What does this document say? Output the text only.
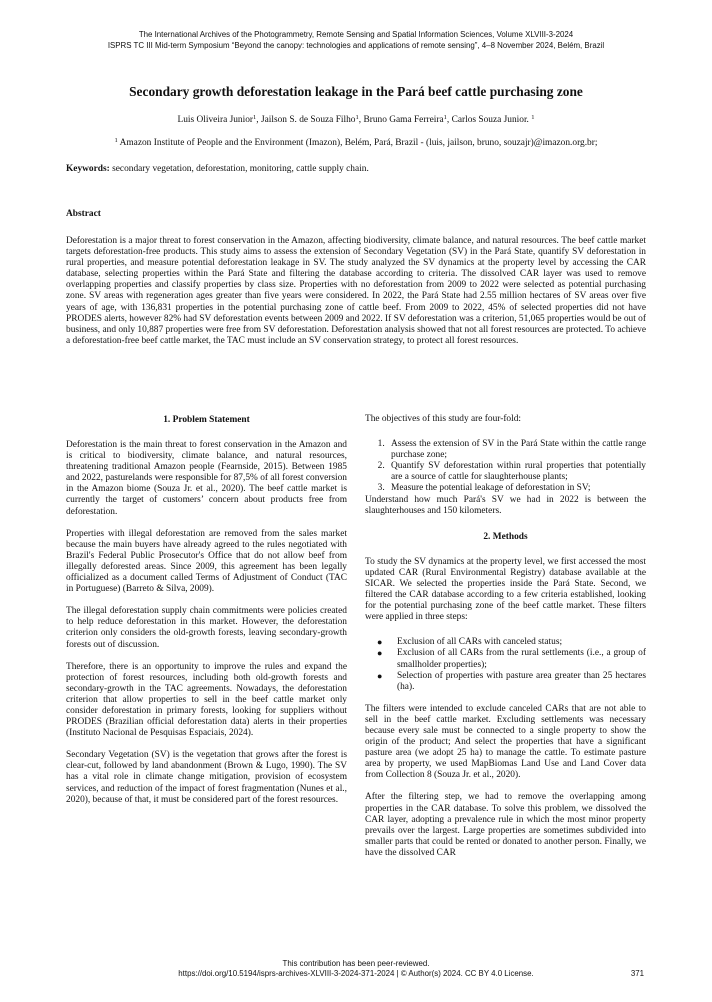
The International Archives of the Photogrammetry, Remote Sensing and Spatial Information Sciences, Volume XLVIII-3-2024
ISPRS TC III Mid-term Symposium “Beyond the canopy: technologies and applications of remote sensing”, 4–8 November 2024, Belém, Brazil
Secondary growth deforestation leakage in the Pará beef cattle purchasing zone
Luis Oliveira Junior$^1$, Jailson S. de Souza Filho$^1$, Bruno Gama Ferreira$^1$, Carlos Souza Junior. $^1$
$^1$ Amazon Institute of People and the Environment (Imazon), Belém, Pará, Brazil - (luis, jailson, bruno, souzajr)@imazon.org.br;
Keywords: secondary vegetation, deforestation, monitoring, cattle supply chain.
Abstract
Deforestation is a major threat to forest conservation in the Amazon, affecting biodiversity, climate balance, and natural resources. The beef cattle market targets deforestation-free products. This study aims to assess the extension of Secondary Vegetation (SV) in the Pará State, quantify SV deforestation in rural properties, and measure potential deforestation leakage in SV. The study analyzed the SV dynamics at the property level by accessing the CAR database, selecting properties within the Pará State and filtering the database according to criteria. The dissolved CAR layer was used to remove overlapping properties and classify properties by class size. Properties with no deforestation from 2009 to 2022 were selected as potential purchasing zone. SV areas with regeneration ages greater than five years were considered. In 2022, the Pará State had 2.55 million hectares of SV areas over five years of age, with 136,831 properties in the potential purchasing zone of cattle beef. From 2009 to 2022, 45% of selected properties did not have PRODES alerts, however 82% had SV deforestation events between 2009 and 2022. If SV deforestation was a criterion, 51,065 properties would be out of business, and only 10,887 properties were free from SV deforestation. Deforestation analysis showed that not all forest resources are protected. To achieve a deforestation-free beef cattle market, the TAC must include an SV conservation strategy, to protect all forest resources.
1. Problem Statement

Deforestation is the main threat to forest conservation in the Amazon and is critical to biodiversity, climate balance, and natural resources, threatening traditional Amazon people (Fearnside, 2015). Between 1985 and 2022, pasturelands were responsible for 87,5% of all forest conversion in the Amazon biome (Souza Jr. et al., 2020). The beef cattle market is currently the target of customers’ concern about products free from deforestation.

Properties with illegal deforestation are removed from the sales market because the main buyers have already agreed to the rules negotiated with Brazil's Federal Public Prosecutor's Office that do not allow beef from illegally deforested areas. Since 2009, this agreement has been legally officialized as a document called Terms of Adjustment of Conduct (TAC in Portuguese) (Barreto & Silva, 2009).

The illegal deforestation supply chain commitments were policies created to help reduce deforestation in this market. However, the deforestation criterion only considers the old-growth forests, leaving secondary-growth forests out of discussion.

Therefore, there is an opportunity to improve the rules and expand the protection of forest resources, including both old-growth forests and secondary-growth in the TAC agreements. Nowadays, the deforestation criterion that allow properties to sell in the beef cattle market only consider deforestation in primary forests, looking for suppliers without PRODES (Brazilian official deforestation data) alerts in their properties (Instituto Nacional de Pesquisas Espaciais, 2024).

Secondary Vegetation (SV) is the vegetation that grows after the forest is clear-cut, followed by land abandonment (Brown & Lugo, 1990). The SV has a vital role in climate change mitigation, provision of ecosystem services, and reduction of the impact of forest fragmentation (Nunes et al., 2020), because of that, it must be considered part of the forest resources.

The objectives of this study are four-fold:

1. Assess the extension of SV in the Pará State within the cattle range purchase zone;
2. Quantify SV deforestation within rural properties that potentially are a source of cattle for slaughterhouse plants;
3. Measure the potential leakage of deforestation in SV;

Understand how much Pará's SV we had in 2022 is between the slaughterhouses and 150 kilometers.

2. Methods

To study the SV dynamics at the property level, we first accessed the most updated CAR (Rural Environmental Registry) database available at the SICAR. We selected the properties inside the Pará State. Second, we filtered the CAR database according to a few criteria established, looking for the potential purchasing zone of the beef cattle market. These filters were applied in three steps:

● Exclusion of all CARs with canceled status;
● Exclusion of all CARs from the rural settlements (i.e., a group of smallholder properties);
● Selection of properties with pasture area greater than 25 hectares (ha).

The filters were intended to exclude canceled CARs that are not able to sell in the beef cattle market. Excluding settlements was necessary because every sale must be connected to a single property to show the origin of the product; And select the properties that have a significant pasture area (we adopt 25 ha) to manage the cattle. To estimate pasture area by property, we used MapBiomas Land Use and Land Cover data from Collection 8 (Souza Jr. et al., 2020).

After the filtering step, we had to remove the overlapping among properties in the CAR database. To solve this problem, we dissolved the CAR layer, adopting a prevalence rule in which the most minor property prevails over the largest. Large properties are sometimes subdivided into smaller parts that could be rented or donated to another person. Finally, we have the dissolved CAR

This contribution has been peer-reviewed.
https://doi.org/10.5194/isprs-archives-XLVIII-3-2024-371-2024 | © Author(s) 2024. CC BY 4.0 License.	371
